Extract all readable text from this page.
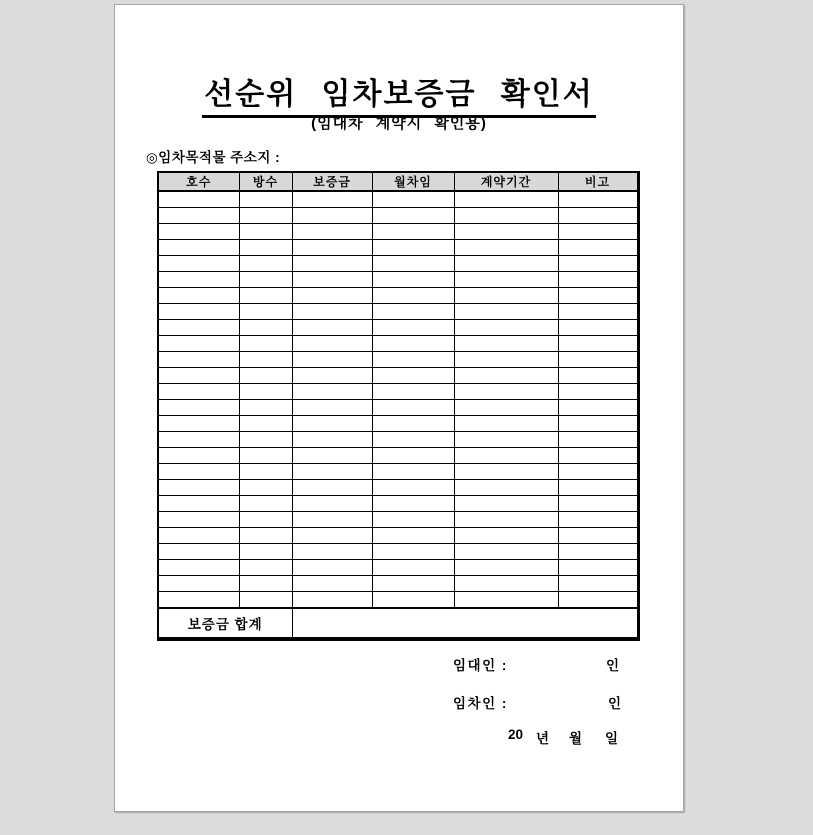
선순위 임차보증금 확인서
(임대차 계약시 확인용)
◎임차목적물 주소지 :
호수	방수	보증금	월차임	계약기간	비고

보증금 합계					
임대인 :	인
임차인 :	인
20 년 월 일
